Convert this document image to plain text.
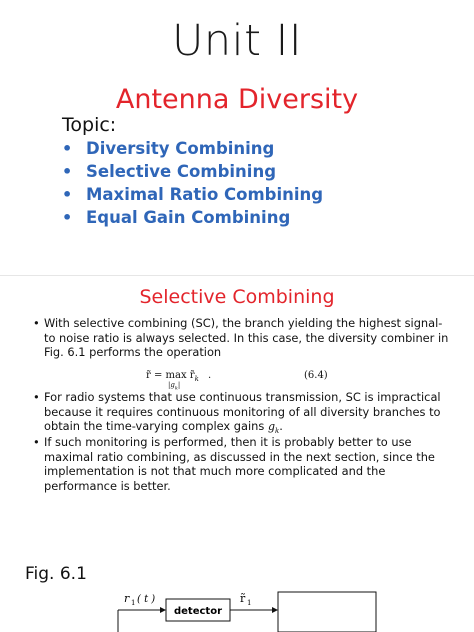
Unit II
Antenna Diversity
Topic:
• Diversity Combining
• Selective Combining
• Maximal Ratio Combining
• Equal Gain Combining
Selective Combining
• With selective combining (SC), the branch yielding the highest signal-to noise ratio is always selected. In this case, the diversity combiner in Fig. 6.1 performs the operation
r̃ = $\max r̃_k$
$|g_k|$
.	(6.4)
• For radio systems that use continuous transmission, SC is impractical because it requires continuous monitoring of all diversity branches to obtain the time-varying complex gains $g_k$.
• If such monitoring is performed, then it is probably better to use maximal ratio combining, as discussed in the next section, since the implementation is not that much more complicated and the performance is better.
Fig. 6.1
r 1 ( t )
detector
r̃ 1
